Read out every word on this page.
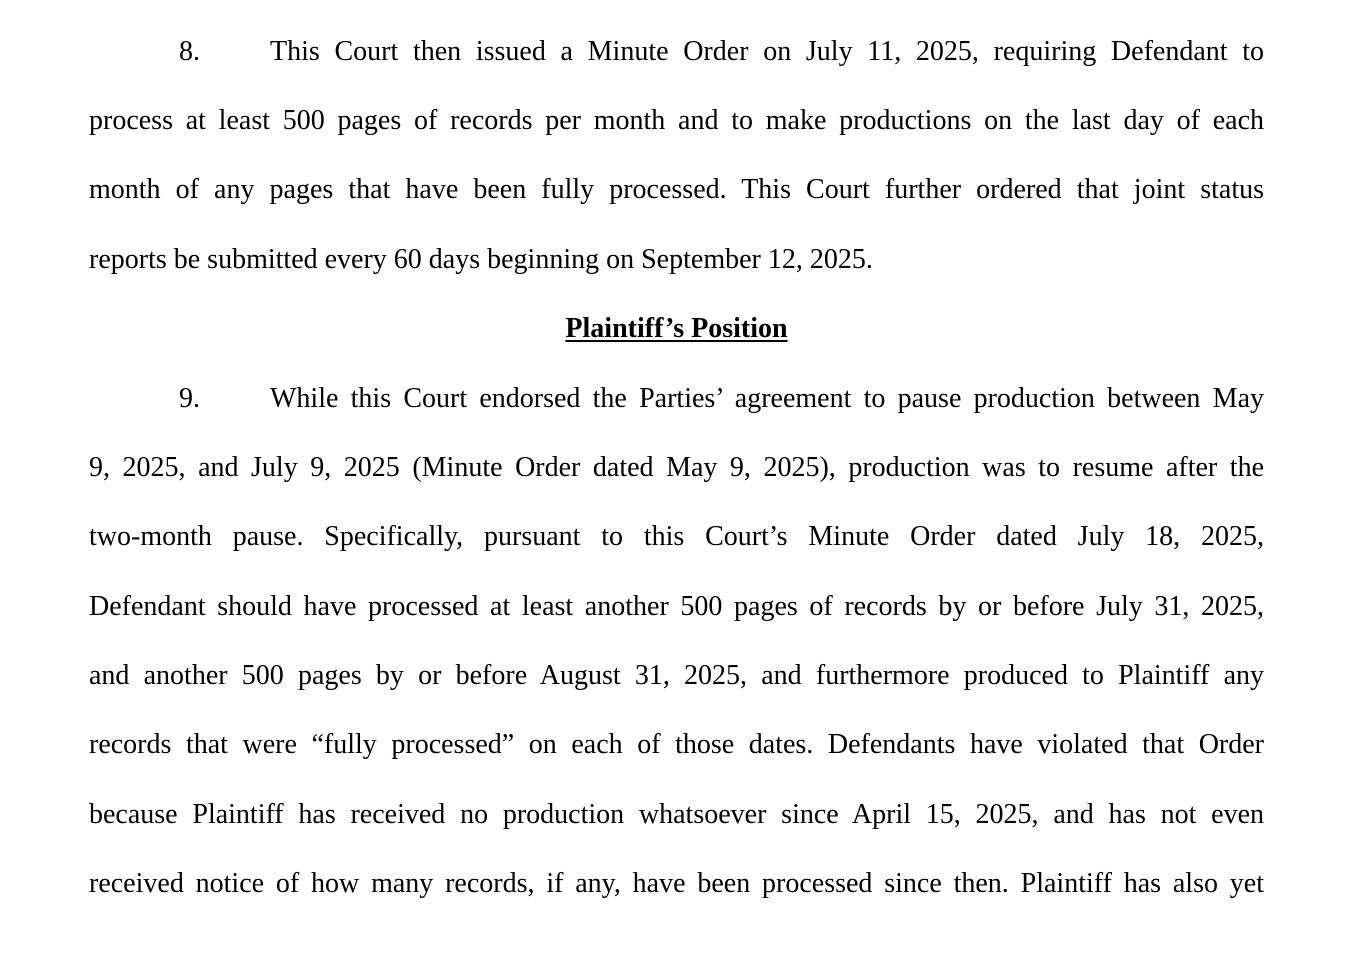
8.	This Court then issued a Minute Order on July 11, 2025, requiring Defendant to
process at least 500 pages of records per month and to make productions on the last day of each
month of any pages that have been fully processed. This Court further ordered that joint status
reports be submitted every 60 days beginning on September 12, 2025.
Plaintiff’s Position
9.	While this Court endorsed the Parties’ agreement to pause production between May
9, 2025, and July 9, 2025 (Minute Order dated May 9, 2025), production was to resume after the
two-month pause. Specifically, pursuant to this Court’s Minute Order dated July 18, 2025,
Defendant should have processed at least another 500 pages of records by or before July 31, 2025,
and another 500 pages by or before August 31, 2025, and furthermore produced to Plaintiff any
records that were “fully processed” on each of those dates. Defendants have violated that Order
because Plaintiff has received no production whatsoever since April 15, 2025, and has not even
received notice of how many records, if any, have been processed since then. Plaintiff has also yet
